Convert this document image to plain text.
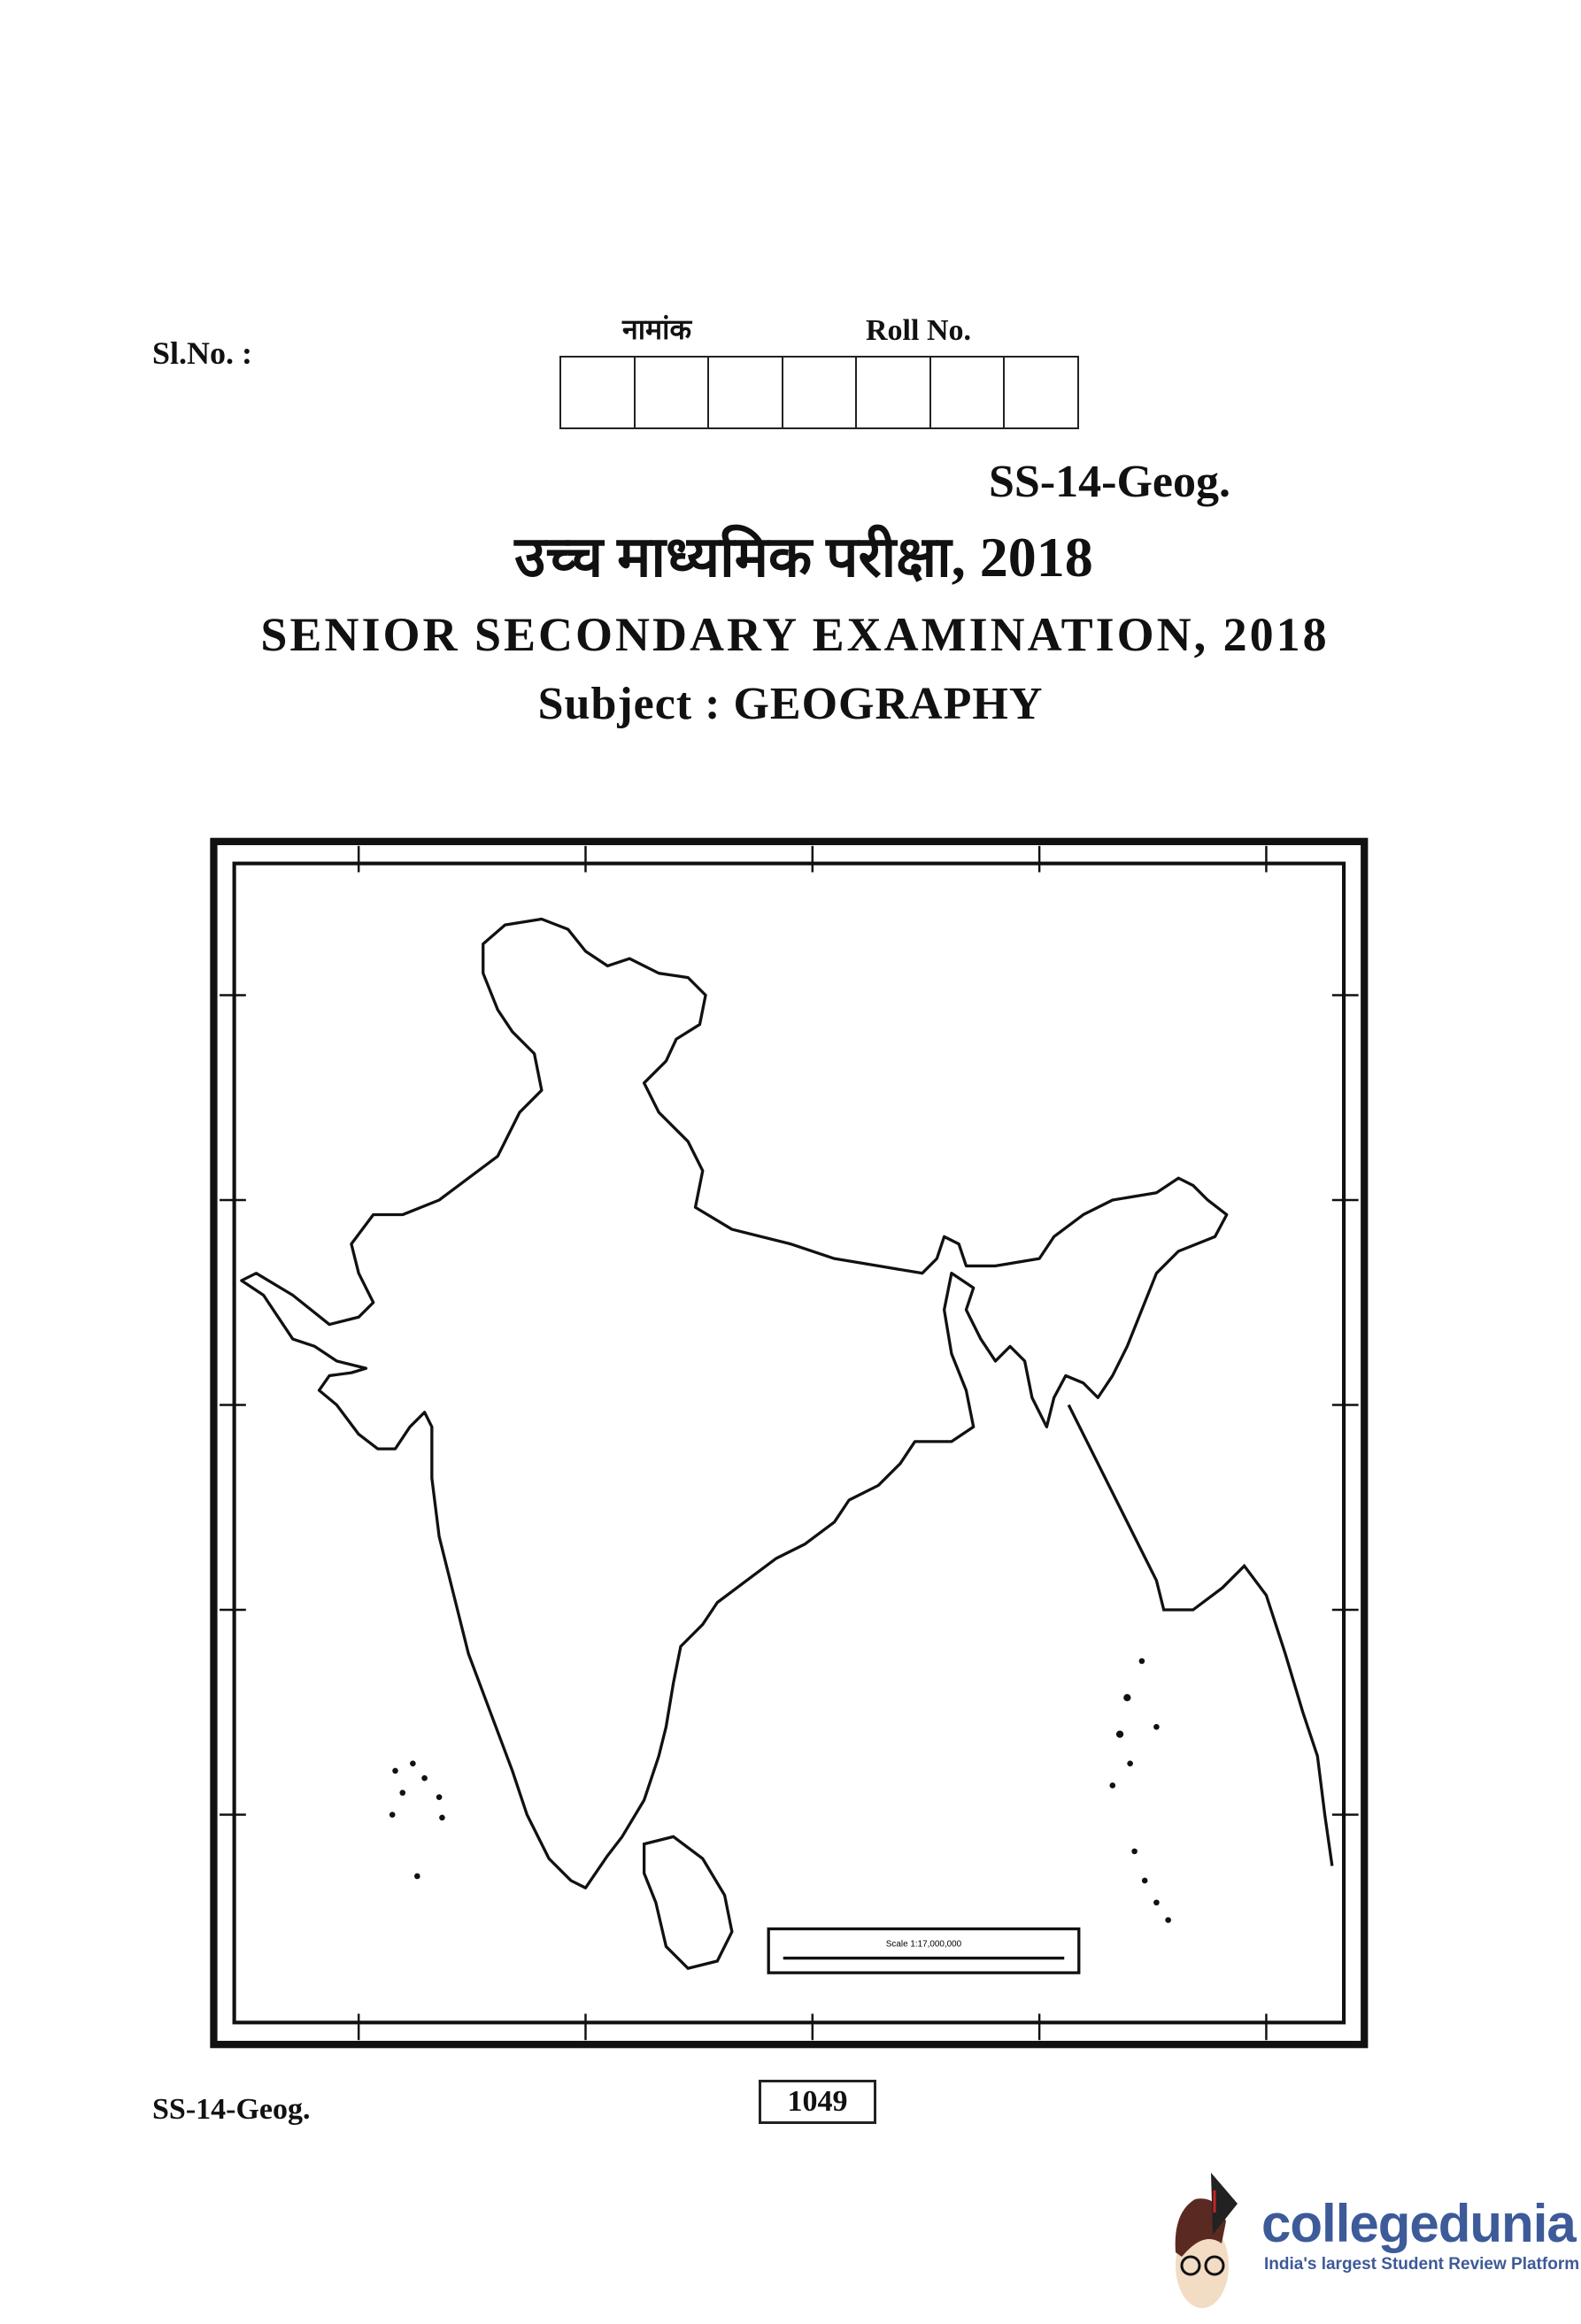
Sl.No. :
नामांक	Roll No.
SS-14-Geog.
उच्च माध्यमिक परीक्षा, 2018
SENIOR SECONDARY EXAMINATION, 2018
Subject : GEOGRAPHY
Scale 1:17,000,000
SS-14-Geog.	1049
collegedunia
India's largest Student Review Platform
